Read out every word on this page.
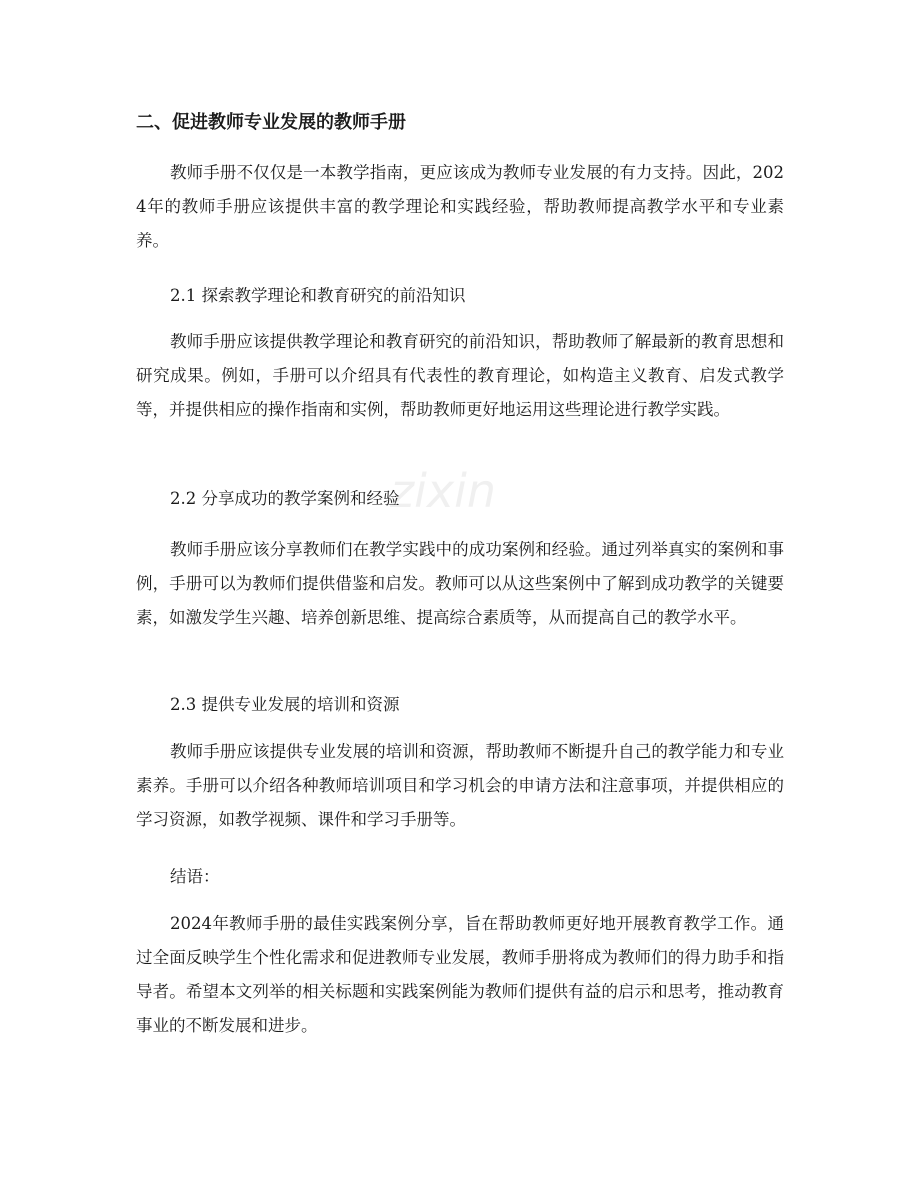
zixin
二、促进教师专业发展的教师手册

教师手册不仅仅是一本教学指南，更应该成为教师专业发展的有力支持。因此，2024年的教师手册应该提供丰富的教学理论和实践经验，帮助教师提高教学水平和专业素养。

2.1 探索教学理论和教育研究的前沿知识

教师手册应该提供教学理论和教育研究的前沿知识，帮助教师了解最新的教育思想和研究成果。例如，手册可以介绍具有代表性的教育理论，如构造主义教育、启发式教学等，并提供相应的操作指南和实例，帮助教师更好地运用这些理论进行教学实践。

2.2 分享成功的教学案例和经验

教师手册应该分享教师们在教学实践中的成功案例和经验。通过列举真实的案例和事例，手册可以为教师们提供借鉴和启发。教师可以从这些案例中了解到成功教学的关键要素，如激发学生兴趣、培养创新思维、提高综合素质等，从而提高自己的教学水平。

2.3 提供专业发展的培训和资源

教师手册应该提供专业发展的培训和资源，帮助教师不断提升自己的教学能力和专业素养。手册可以介绍各种教师培训项目和学习机会的申请方法和注意事项，并提供相应的学习资源，如教学视频、课件和学习手册等。

结语：

2024年教师手册的最佳实践案例分享，旨在帮助教师更好地开展教育教学工作。通过全面反映学生个性化需求和促进教师专业发展，教师手册将成为教师们的得力助手和指导者。希望本文列举的相关标题和实践案例能为教师们提供有益的启示和思考，推动教育事业的不断发展和进步。
